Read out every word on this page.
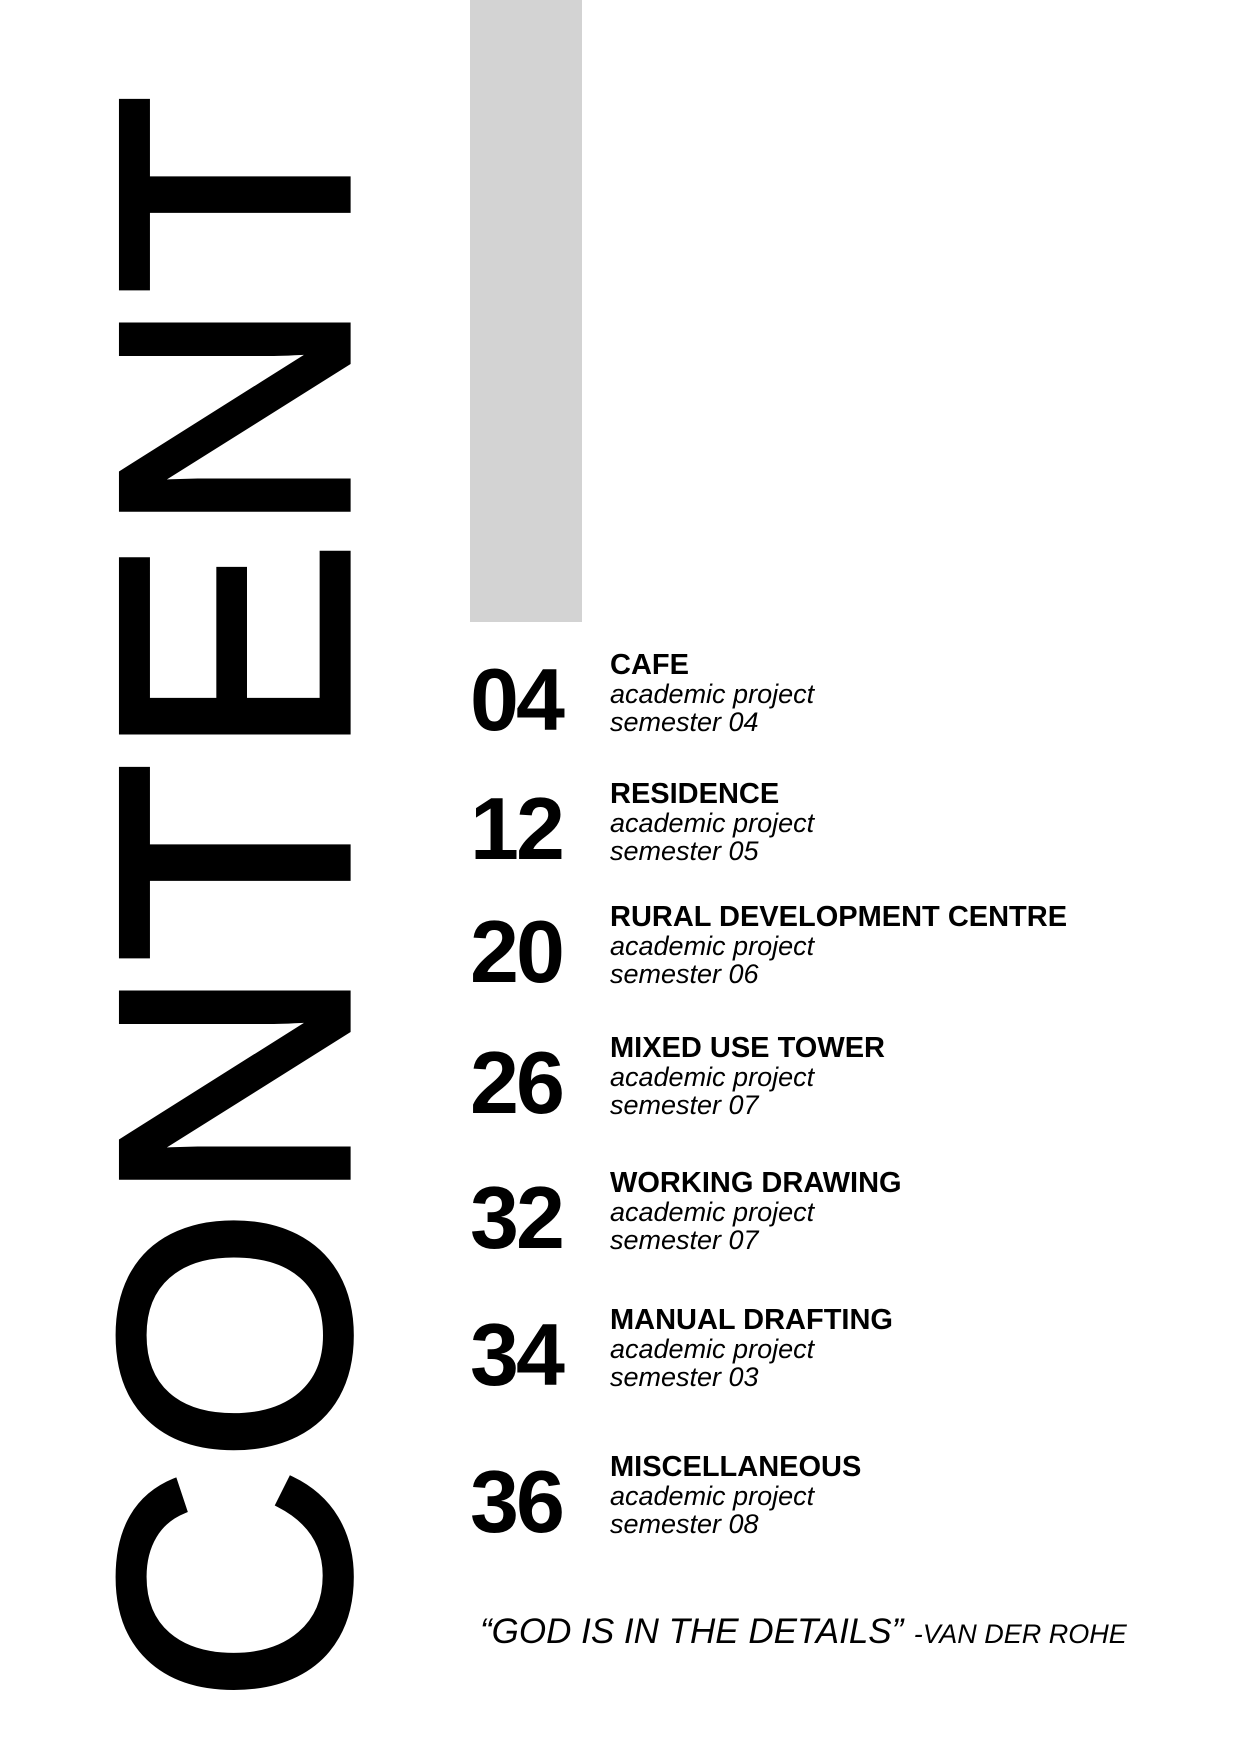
CONTENT 04	CAFE
academic project
semester 04
12	RESIDENCE
academic project
semester 05
20	RURAL DEVELOPMENT CENTRE
academic project
semester 06
26	MIXED USE TOWER
academic project
semester 07
32	WORKING DRAWING
academic project
semester 07
34	MANUAL DRAFTING
academic project
semester 03
36	MISCELLANEOUS
academic project
semester 08
“GOD IS IN THE DETAILS” -VAN DER ROHE
